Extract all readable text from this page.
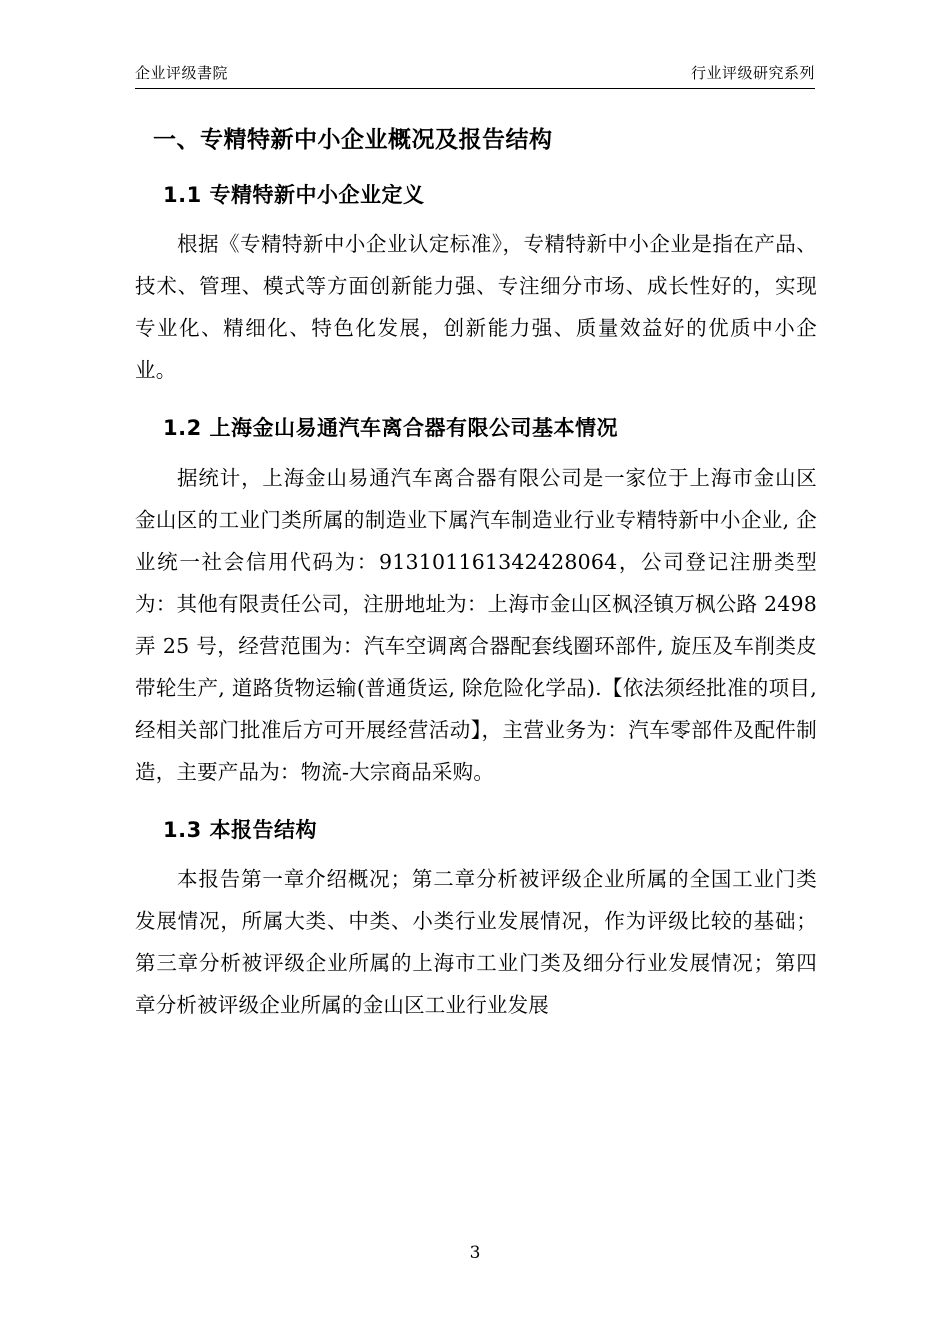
企业评级書院	行业评级研究系列
一、专精特新中小企业概况及报告结构
1.1 专精特新中小企业定义

根据《专精特新中小企业认定标准》，专精特新中小企业是指在产品、技术、管理、模式等方面创新能力强、专注细分市场、成长性好的，实现专业化、精细化、特色化发展，创新能力强、质量效益好的优质中小企业。

1.2 上海金山易通汽车离合器有限公司基本情况

据统计，上海金山易通汽车离合器有限公司是一家位于上海市金山区金山区的工业门类所属的制造业下属汽车制造业行业专精特新中小企业, 企业统一社会信用代码为：913101161342428064，公司登记注册类型为：其他有限责任公司，注册地址为：上海市金山区枫泾镇万枫公路 2498 弄 25 号，经营范围为：汽车空调离合器配套线圈环部件, 旋压及车削类皮带轮生产, 道路货物运输(普通货运, 除危险化学品).【依法须经批准的项目, 经相关部门批准后方可开展经营活动】，主营业务为：汽车零部件及配件制造，主要产品为：物流-大宗商品采购。

1.3 本报告结构

本报告第一章介绍概况；第二章分析被评级企业所属的全国工业门类发展情况，所属大类、中类、小类行业发展情况，作为评级比较的基础；第三章分析被评级企业所属的上海市工业门类及细分行业发展情况；第四章分析被评级企业所属的金山区工业行业发展

3
